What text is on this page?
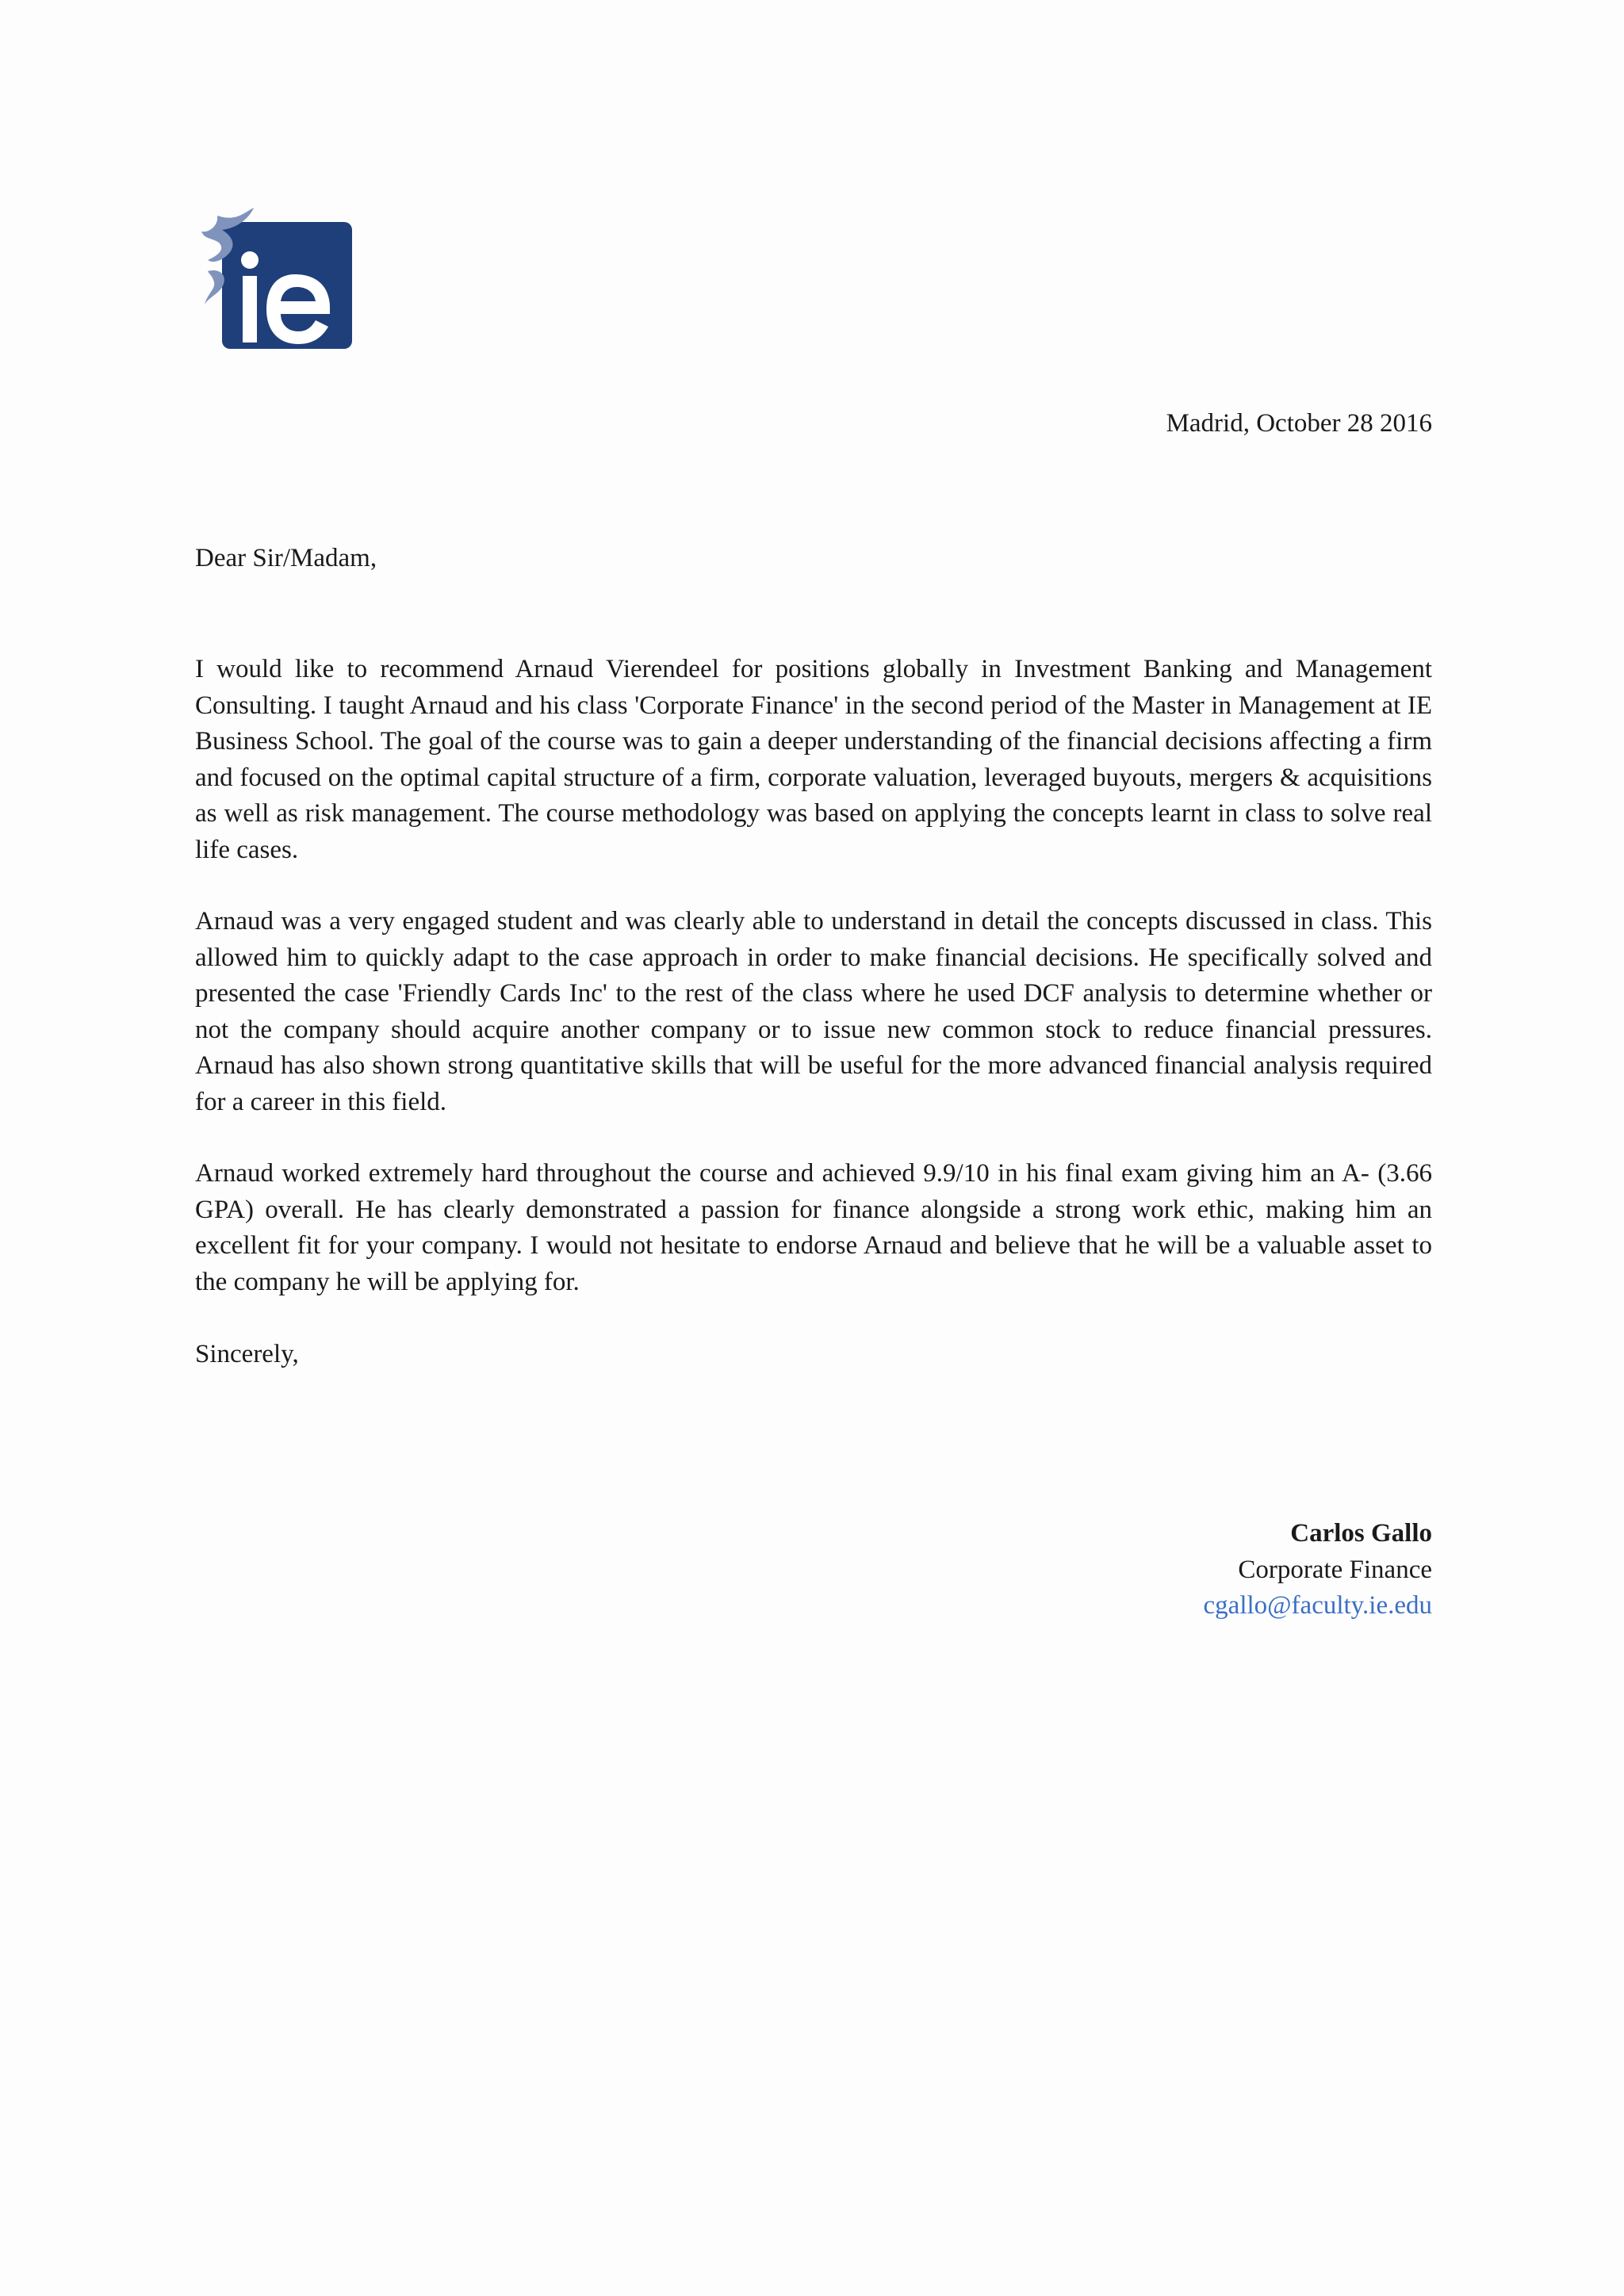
Madrid, October 28 2016
Dear Sir/Madam,

I would like to recommend Arnaud Vierendeel for positions globally in Investment Banking and Management Consulting. I taught Arnaud and his class 'Corporate Finance' in the second period of the Master in Management at IE Business School. The goal of the course was to gain a deeper understanding of the financial decisions affecting a firm and focused on the optimal capital structure of a firm, corporate valuation, leveraged buyouts, mergers & acquisitions as well as risk management. The course methodology was based on applying the concepts learnt in class to solve real life cases.

Arnaud was a very engaged student and was clearly able to understand in detail the concepts discussed in class. This allowed him to quickly adapt to the case approach in order to make financial decisions. He specifically solved and presented the case 'Friendly Cards Inc' to the rest of the class where he used DCF analysis to determine whether or not the company should acquire another company or to issue new common stock to reduce financial pressures. Arnaud has also shown strong quantitative skills that will be useful for the more advanced financial analysis required for a career in this field.

Arnaud worked extremely hard throughout the course and achieved 9.9/10 in his final exam giving him an A- (3.66 GPA) overall. He has clearly demonstrated a passion for finance alongside a strong work ethic, making him an excellent fit for your company. I would not hesitate to endorse Arnaud and believe that he will be a valuable asset to the company he will be applying for.

Sincerely,
Carlos Gallo
Corporate Finance
cgallo@faculty.ie.edu
